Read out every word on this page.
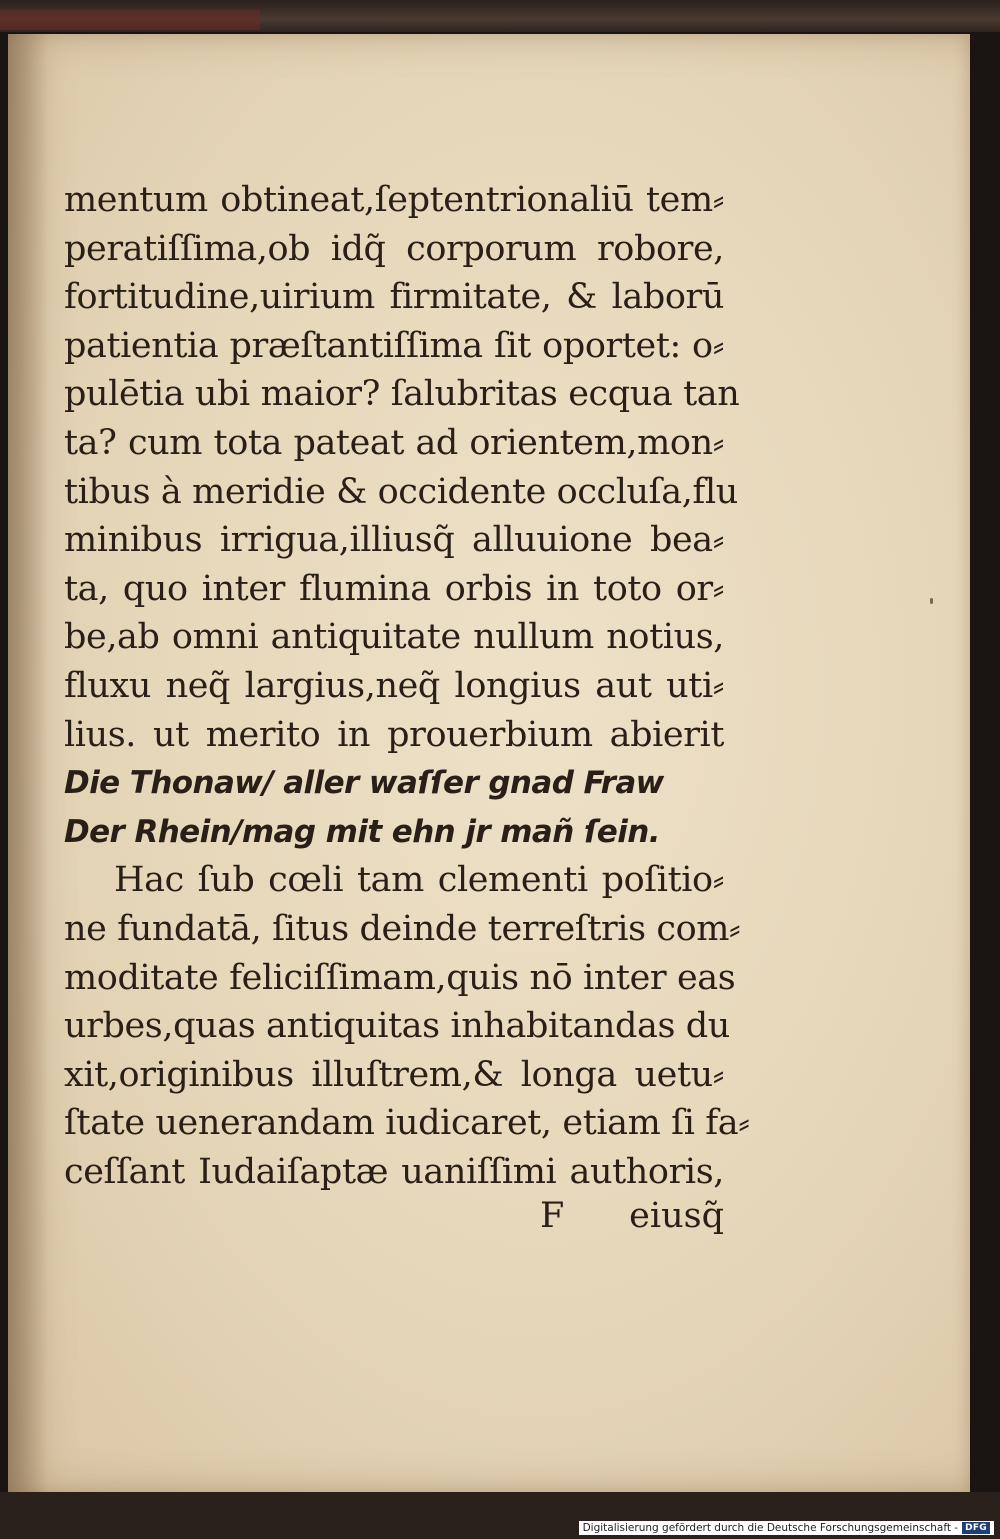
mentum obtineat,ſeptentrionaliū tem⸗
peratiſſima,ob idq̃ corporum robore,
fortitudine,uirium firmitate, & laborū
patientia præſtantiſſima ſit oportet: o⸗
pulētia ubi maior? ſalubritas ecqua tan
ta? cum tota pateat ad orientem,mon⸗
tibus à meridie & occidente occluſa,flu
minibus irrigua,illiusq̃ alluuione bea⸗
ta, quo inter flumina orbis in toto or⸗
be,ab omni antiquitate nullum notius,
fluxu neq̃ largius,neq̃ longius aut uti⸗
lius. ut merito in prouerbium abierit
Die Thonaw/ aller waſſer gnad Fraw
Der Rhein/mag mit ehn jr mañ ſein.
Hac ſub cœli tam clementi poſitio⸗
ne fundatā, ſitus deinde terreſtris com⸗
moditate feliciſſimam,quis nō inter eas
urbes,quas antiquitas inhabitandas du
xit,originibus illuſtrem,& longa uetu⸗
ſtate uenerandam iudicaret, etiam ſi fa⸗
ceſſant Iudaiſaptæ uaniſſimi authoris,
F eiusq̃
Digitalisierung gefördert durch die Deutsche Forschungsgemeinschaft - DFG
